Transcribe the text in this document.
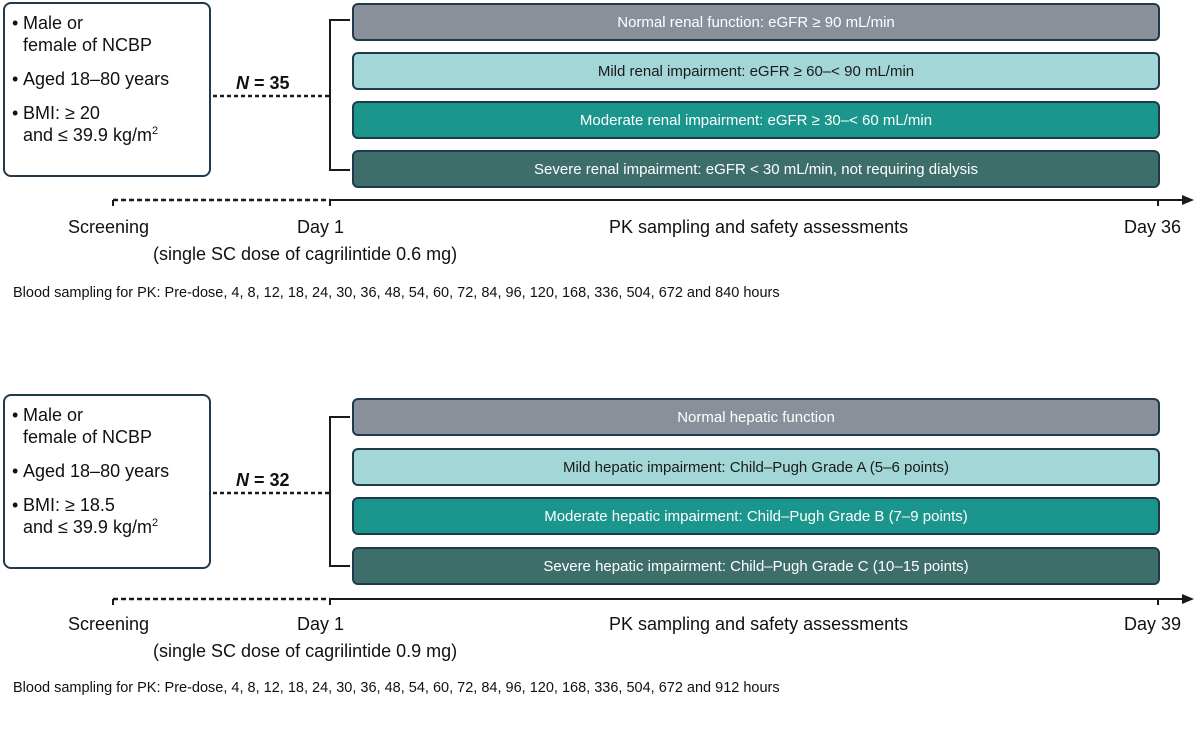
• Male or
female of NCBP
• Aged 18–80 years
• BMI: ≥ 20
and ≤ 39.9 $kg/m^2$
N = 35
Normal renal function: eGFR ≥ 90 mL/min
Mild renal impairment: eGFR ≥ 60–< 90 mL/min
Moderate renal impairment: eGFR ≥ 30–< 60 mL/min
Severe renal impairment: eGFR < 30 mL/min, not requiring dialysis
Screening	Day 1
(single SC dose of cagrilintide 0.6 mg)
PK sampling and safety assessments	Day 36
Blood sampling for PK: Pre-dose, 4, 8, 12, 18, 24, 30, 36, 48, 54, 60, 72, 84, 96, 120, 168, 336, 504, 672 and 840 hours
• Male or
female of NCBP
• Aged 18–80 years
• BMI: ≥ 18.5
and ≤ 39.9 $kg/m^2$
N = 32
Normal hepatic function
Mild hepatic impairment: Child–Pugh Grade A (5–6 points)
Moderate hepatic impairment: Child–Pugh Grade B (7–9 points)
Severe hepatic impairment: Child–Pugh Grade C (10–15 points)
Screening	Day 1
(single SC dose of cagrilintide 0.9 mg)
PK sampling and safety assessments	Day 39
Blood sampling for PK: Pre-dose, 4, 8, 12, 18, 24, 30, 36, 48, 54, 60, 72, 84, 96, 120, 168, 336, 504, 672 and 912 hours
